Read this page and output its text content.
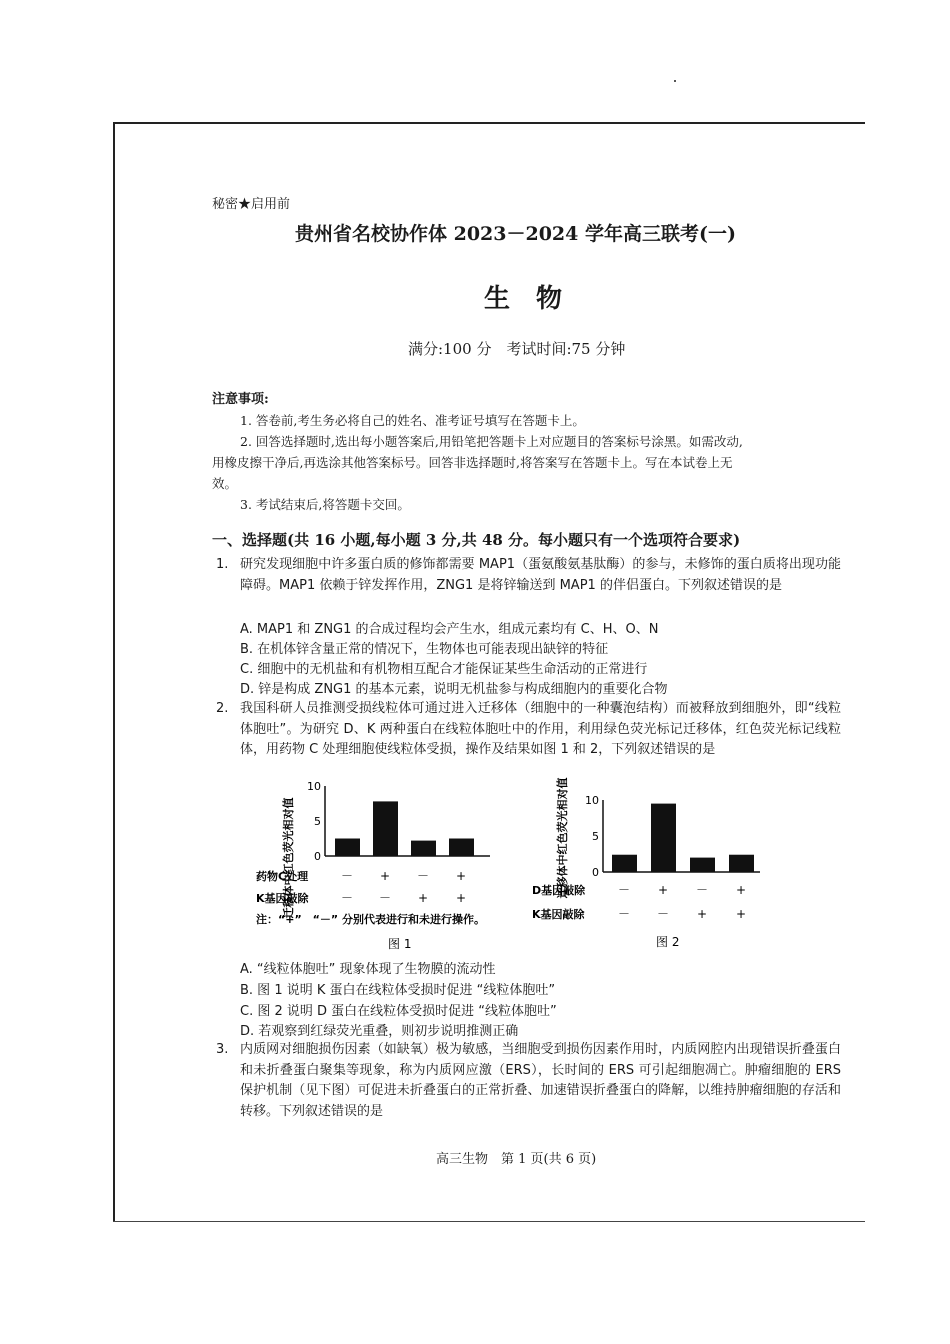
秘密★启用前
贵州省名校协作体 2023－2024 学年高三联考(一)
生物
满分:100 分　考试时间:75 分钟
注意事项:
1. 答卷前,考生务必将自己的姓名、准考证号填写在答题卡上。
2. 回答选择题时,选出每小题答案后,用铅笔把答题卡上对应题目的答案标号涂黑。如需改动,
用橡皮擦干净后,再选涂其他答案标号。回答非选择题时,将答案写在答题卡上。写在本试卷上无
效。
3. 考试结束后,将答题卡交回。
一、选择题(共 16 小题,每小题 3 分,共 48 分。每小题只有一个选项符合要求)
1. 研究发现细胞中许多蛋白质的修饰都需要 MAP1（蛋氨酸氨基肽酶）的参与，未修饰的蛋白质将出现功能障碍。MAP1 依赖于锌发挥作用，ZNG1 是将锌输送到 MAP1 的伴侣蛋白。下列叙述错误的是
A. MAP1 和 ZNG1 的合成过程均会产生水，组成元素均有 C、H、O、N
B. 在机体锌含量正常的情况下，生物体也可能表现出缺锌的特征
C. 细胞中的无机盐和有机物相互配合才能保证某些生命活动的正常进行
D. 锌是构成 ZNG1 的基本元素，说明无机盐参与构成细胞内的重要化合物
2. 我国科研人员推测受损线粒体可通过进入迁移体（细胞中的一种囊泡结构）而被释放到细胞外，即“线粒体胞吐”。为研究 D、K 两种蛋白在线粒体胞吐中的作用，利用绿色荧光标记迁移体，红色荧光标记线粒体，用药物 C 处理细胞使线粒体受损，操作及结果如图 1 和 2，下列叙述错误的是
迁移体中红色荧光相对值 0
5
10
药物C处理
K基因敲除
－ + － +
－ － + +
注：“+”　“－” 分别代表进行和未进行操作。
图 1
迁移体中红色荧光相对值 0
5
10
D基因敲除
K基因敲除
－ + － +
－ － + +
图 2
A. “线粒体胞吐” 现象体现了生物膜的流动性
B. 图 1 说明 K 蛋白在线粒体受损时促进 “线粒体胞吐”
C. 图 2 说明 D 蛋白在线粒体受损时促进 “线粒体胞吐”
D. 若观察到红绿荧光重叠，则初步说明推测正确
3. 内质网对细胞损伤因素（如缺氧）极为敏感，当细胞受到损伤因素作用时，内质网腔内出现错误折叠蛋白和未折叠蛋白聚集等现象，称为内质网应激（ERS），长时间的 ERS 可引起细胞凋亡。肿瘤细胞的 ERS 保护机制（见下图）可促进未折叠蛋白的正常折叠、加速错误折叠蛋白的降解，以维持肿瘤细胞的存活和转移。下列叙述错误的是
高三生物　第 1 页(共 6 页)
